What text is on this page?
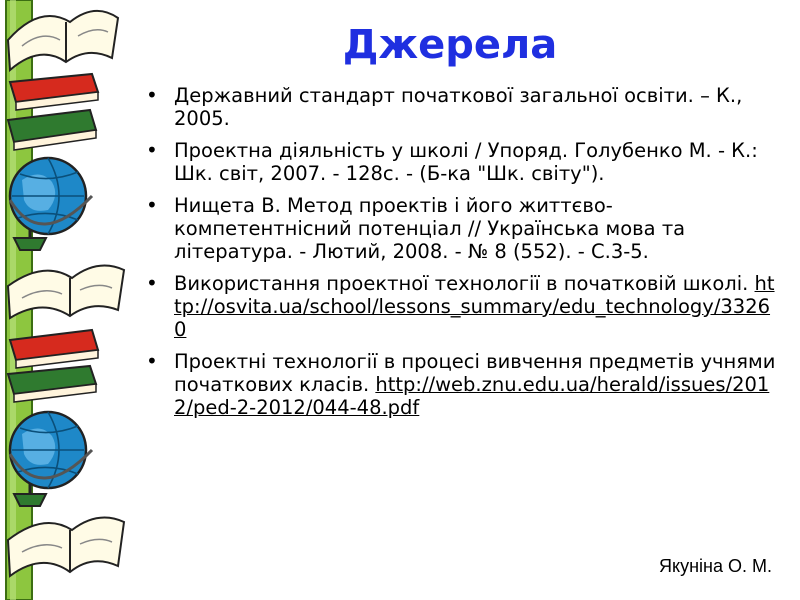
Джерела
• Державний стандарт початкової загальної освіти. – К., 2005.
• Проектна діяльність у школі / Упоряд. Голубенко М. - К.: Шк. світ, 2007. - 128с. - (Б-ка "Шк. світу").
• Нищета В. Метод проектів і його життєво-компетентнісний потенціал // Українська мова та література. - Лютий, 2008. - № 8 (552). - С.3-5.
• Використання проектної технології в початковій школі. http://osvita.ua/school/lessons_summary/edu_technology/33260
• Проектні технології в процесі вивчення предметів учнями початкових класів. http://web.znu.edu.ua/herald/issues/2012/ped-2-2012/044-48.pdf
Якуніна О. М.
